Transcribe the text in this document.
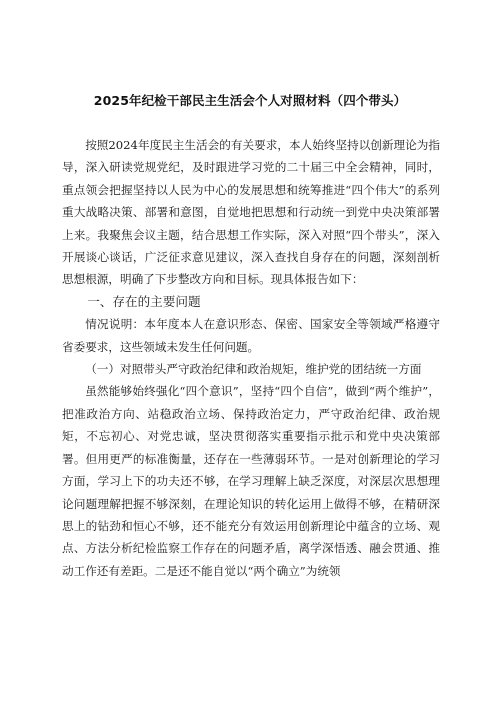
2025年纪检干部民主生活会个人对照材料（四个带头）

按照2024年度民主生活会的有关要求，本人始终坚持以创新理论为指导，深入研读党规党纪，及时跟进学习党的二十届三中全会精神，同时，重点领会把握坚持以人民为中心的发展思想和统筹推进“四个伟大”的系列重大战略决策、部署和意图，自觉地把思想和行动统一到党中央决策部署上来。我聚焦会议主题，结合思想工作实际，深入对照“四个带头”，深入开展谈心谈话，广泛征求意见建议，深入查找自身存在的问题，深刻剖析思想根源，明确了下步整改方向和目标。现具体报告如下：

一、存在的主要问题

情况说明：本年度本人在意识形态、保密、国家安全等领域严格遵守省委要求，这些领域未发生任何问题。

（一）对照带头严守政治纪律和政治规矩，维护党的团结统一方面

虽然能够始终强化“四个意识”，坚持“四个自信”，做到“两个维护”，把准政治方向、站稳政治立场、保持政治定力，严守政治纪律、政治规矩，不忘初心、对党忠诚，坚决贯彻落实重要指示批示和党中央决策部署。但用更严的标准衡量，还存在一些薄弱环节。一是对创新理论的学习方面，学习上下的功夫还不够，在学习理解上缺乏深度，对深层次思想理论问题理解把握不够深刻，在理论知识的转化运用上做得不够，在精研深思上的钻劲和恒心不够，还不能充分有效运用创新理论中蕴含的立场、观点、方法分析纪检监察工作存在的问题矛盾，离学深悟透、融会贯通、推动工作还有差距。二是还不能自觉以“两个确立”为统领
